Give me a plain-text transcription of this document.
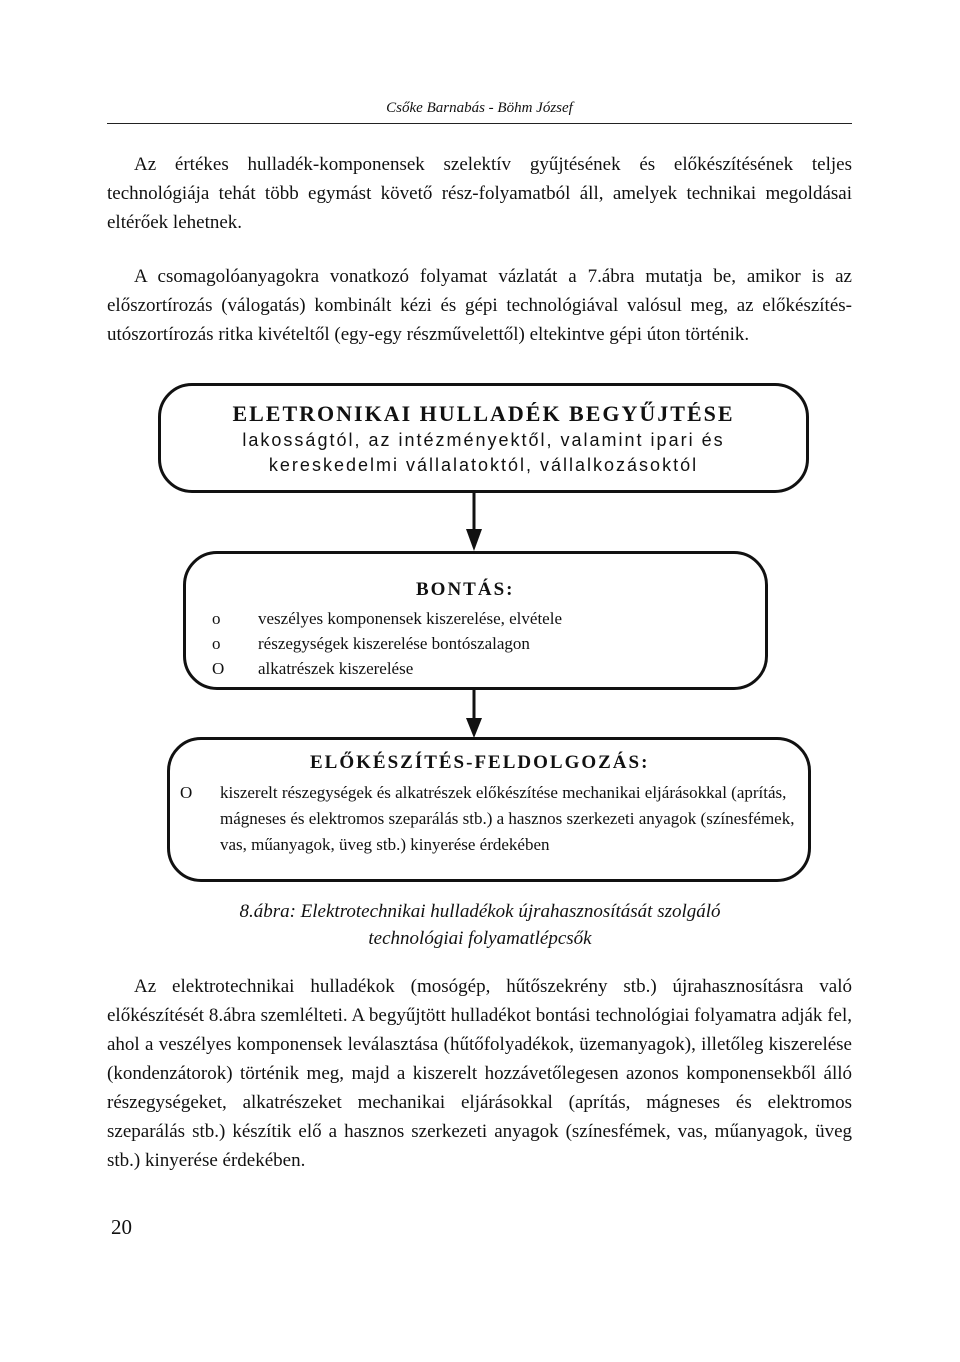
Csőke Barnabás - Böhm József

Az értékes hulladék-komponensek szelektív gyűjtésének és előkészítésének teljes technológiája tehát több egymást követő rész-folyamatból áll, amelyek technikai megoldásai eltérőek lehetnek.

A csomagolóanyagokra vonatkozó folyamat vázlatát a 7.ábra mutatja be, amikor is az előszortírozás (válogatás) kombinált kézi és gépi technológiával valósul meg, az előkészítés-utószortírozás ritka kivételtől (egy-egy részművelettől) eltekintve gépi úton történik.

ELETRONIKAI HULLADÉK BEGYŰJTÉSE
lakosságtól, az intézményektől, valamint ipari és
kereskedelmi vállalatoktól, vállalkozásoktól
BONTÁS:
o	veszélyes komponensek kiszerelése, elvétele
o	részegységek kiszerelése bontószalagon
O	alkatrészek kiszerelése
ELŐKÉSZÍTÉS-FELDOLGOZÁS:
O	kiszerelt részegységek és alkatrészek előkészítése mechanikai eljárásokkal (aprítás, mágneses és elektromos szeparálás stb.) a hasznos szerkezeti anyagok (színesfémek, vas, műanyagok, üveg stb.) kinyerése érdekében
8.ábra: Elektrotechnikai hulladékok újrahasznosítását szolgáló
technológiai folyamatlépcsők

Az elektrotechnikai hulladékok (mosógép, hűtőszekrény stb.) újrahasznosításra való előkészítését 8.ábra szemlélteti. A begyűjtött hulladékot bontási technológiai folyamatra adják fel, ahol a veszélyes komponensek leválasztása (hűtőfolyadékok, üzemanyagok), illetőleg kiszerelése (kondenzátorok) történik meg, majd a kiszerelt hozzávetőlegesen azonos komponensekből álló részegységeket, alkatrészeket mechanikai eljárásokkal (aprítás, mágneses és elektromos szeparálás stb.) készítik elő a hasznos szerkezeti anyagok (színesfémek, vas, műanyagok, üveg stb.) kinyerése érdekében.

20
